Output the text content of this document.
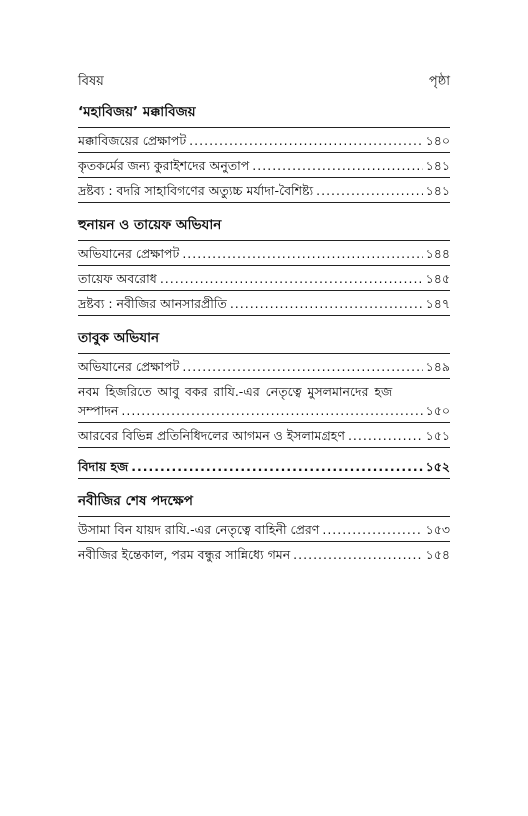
বিষয়	পৃষ্ঠা
‘মহাবিজয়’ মক্কাবিজয়
মক্কাবিজয়ের প্রেক্ষাপট .....	১৪০
কৃতকর্মের জন্য কুরাইশদের অনুতাপ .....	১৪১
দ্রষ্টব্য : বদরি সাহাবিগণের অত্যুচ্চ মর্যাদা-বৈশিষ্ট্য .....	১৪১
হুনায়ন ও তায়েফ অভিযান
অভিযানের প্রেক্ষাপট .....	১৪৪
তায়েফ অবরোধ .....	১৪৫
দ্রষ্টব্য : নবীজির আনসারপ্রীতি .....	১৪৭
তাবুক অভিযান
অভিযানের প্রেক্ষাপট .....	১৪৯
নবম হিজরিতে আবু বকর রাযি.-এর নেতৃত্বে মুসলমানদের হজ
সম্পাদন .....	১৫০
আরবের বিভিন্ন প্রতিনিধিদলের আগমন ও ইসলামগ্রহণ .....	১৫১
বিদায় হজ .....	১৫২
নবীজির শেষ পদক্ষেপ
উসামা বিন যায়দ রাযি.-এর নেতৃত্বে বাহিনী প্রেরণ .....	১৫৩
নবীজির ইন্তেকাল, পরম বন্ধুর সান্নিধ্যে গমন .....	১৫৪
